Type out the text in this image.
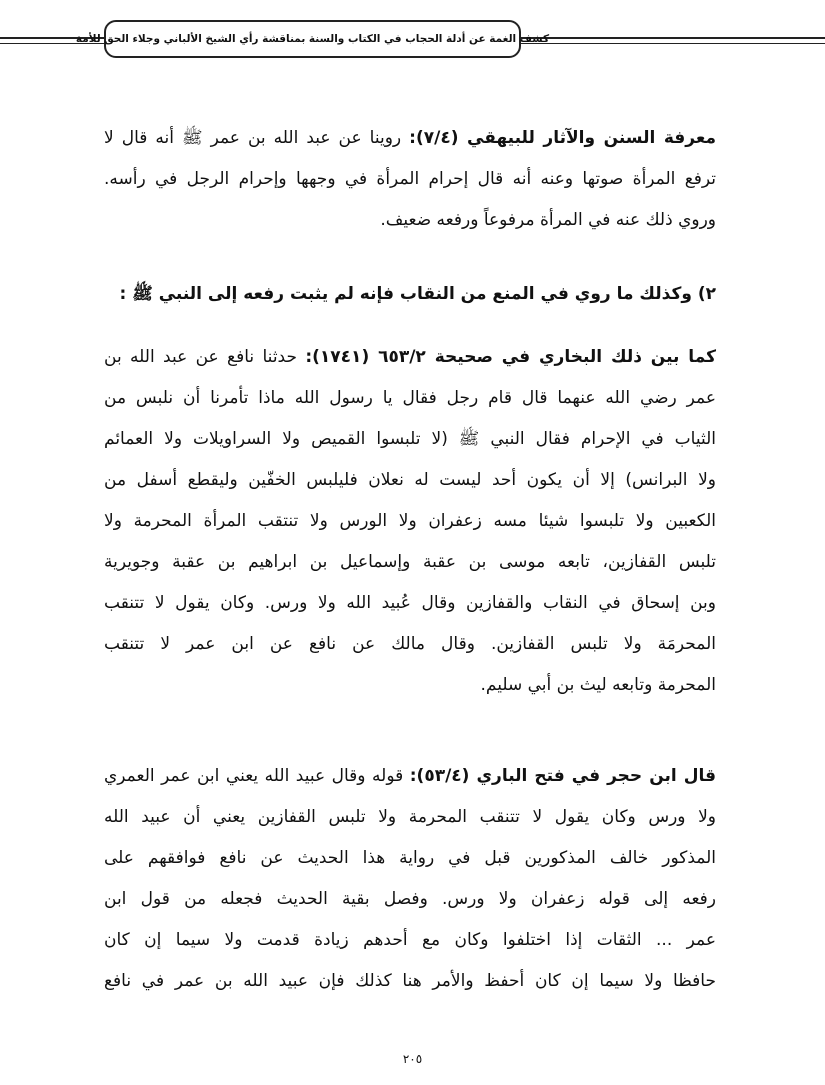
كشف الغمة عن أدلة الحجاب في الكتاب والسنة بمناقشة رأي الشيخ الألباني وجلاء الحق للأمة
معرفة السنن والآثار للبيهقي (٧/٤): روينا عن عبد الله بن عمر ﷺ أنه قال لا
ترفع المرأة صوتها وعنه أنه قال إحرام المرأة في وجهها وإحرام الرجل في رأسه.
وروي ذلك عنه في المرأة مرفوعاً ورفعه ضعيف.
٢) وكذلك ما روي في المنع من النقاب فإنه لم يثبت رفعه إلى النبي ﷺ :
كما بين ذلك البخاري في صحيحة ٦٥٣/٢ (١٧٤١): حدثنا نافع عن عبد الله بن
عمر رضي الله عنهما قال قام رجل فقال يا رسول الله ماذا تأمرنا أن نلبس من
الثياب في الإحرام فقال النبي ﷺ (لا تلبسوا القميص ولا السراويلات ولا العمائم
ولا البرانس) إلا أن يكون أحد ليست له نعلان فليلبس الخفّين وليقطع أسفل من
الكعبين ولا تلبسوا شيئا مسه زعفران ولا الورس ولا تنتقب المرأة المحرمة ولا
تلبس القفازين، تابعه موسى بن عقبة وإسماعيل بن ابراهيم بن عقبة وجويرية
وبن إسحاق في النقاب والقفازين وقال عُبيد الله ولا ورس. وكان يقول لا تتنقب
المحرمَة ولا تلبس القفازين. وقال مالك عن نافع عن ابن عمر لا تتنقب
المحرمة وتابعه ليث بن أبي سليم.
قال ابن حجر في فتح الباري (٥٣/٤): قوله وقال عبيد الله يعني ابن عمر العمري
ولا ورس وكان يقول لا تتنقب المحرمة ولا تلبس القفازين يعني أن عبيد الله
المذكور خالف المذكورين قبل في رواية هذا الحديث عن نافع فوافقهم على
رفعه إلى قوله زعفران ولا ورس. وفصل بقية الحديث فجعله من قول ابن
عمر ... الثقات إذا اختلفوا وكان مع أحدهم زيادة قدمت ولا سيما إن كان
حافظا ولا سيما إن كان أحفظ والأمر هنا كذلك فإن عبيد الله بن عمر في نافع
٢٠٥
